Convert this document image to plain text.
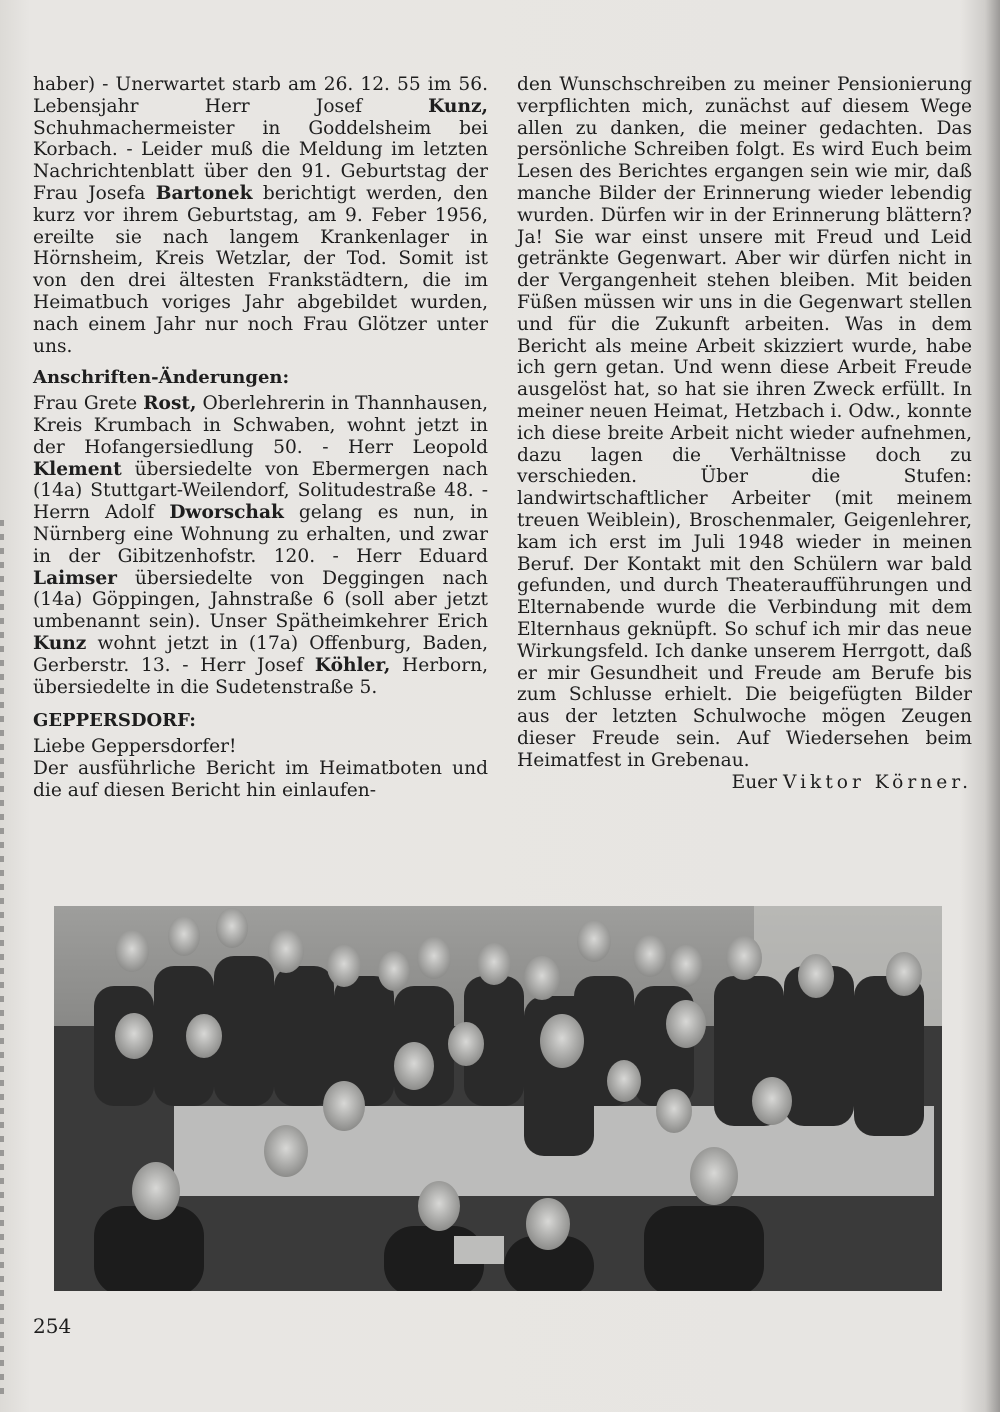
haber) - Unerwartet starb am 26. 12. 55 im 56. Lebensjahr Herr Josef Kunz, Schuhmachermeister in Goddelsheim bei Korbach. - Leider muß die Meldung im letzten Nachrichtenblatt über den 91. Geburtstag der Frau Josefa Bartonek berichtigt werden, den kurz vor ihrem Geburtstag, am 9. Feber 1956, ereilte sie nach langem Krankenlager in Hörnsheim, Kreis Wetzlar, der Tod. Somit ist von den drei ältesten Frankstädtern, die im Heimatbuch voriges Jahr abgebildet wurden, nach einem Jahr nur noch Frau Glötzer unter uns.

Anschriften-Änderungen:

Frau Grete Rost, Oberlehrerin in Thannhausen, Kreis Krumbach in Schwaben, wohnt jetzt in der Hofangersiedlung 50. - Herr Leopold Klement übersiedelte von Ebermergen nach (14a) Stuttgart-Weilendorf, Solitudestraße 48. - Herrn Adolf Dworschak gelang es nun, in Nürnberg eine Wohnung zu erhalten, und zwar in der Gibitzenhofstr. 120. - Herr Eduard Laimser übersiedelte von Deggingen nach (14a) Göppingen, Jahnstraße 6 (soll aber jetzt umbenannt sein). Unser Spätheimkehrer Erich Kunz wohnt jetzt in (17a) Offenburg, Baden, Gerberstr. 13. - Herr Josef Köhler, Herborn, übersiedelte in die Sudetenstraße 5.

GEPPERSDORF:

Liebe Geppersdorfer!

Der ausführliche Bericht im Heimatboten und die auf diesen Bericht hin einlaufen-

den Wunschschreiben zu meiner Pensionierung verpflichten mich, zunächst auf diesem Wege allen zu danken, die meiner gedachten. Das persönliche Schreiben folgt. Es wird Euch beim Lesen des Berichtes ergangen sein wie mir, daß manche Bilder der Erinnerung wieder lebendig wurden. Dürfen wir in der Erinnerung blättern? Ja! Sie war einst unsere mit Freud und Leid getränkte Gegenwart. Aber wir dürfen nicht in der Vergangenheit stehen bleiben. Mit beiden Füßen müssen wir uns in die Gegenwart stellen und für die Zukunft arbeiten. Was in dem Bericht als meine Arbeit skizziert wurde, habe ich gern getan. Und wenn diese Arbeit Freude ausgelöst hat, so hat sie ihren Zweck erfüllt. In meiner neuen Heimat, Hetzbach i. Odw., konnte ich diese breite Arbeit nicht wieder aufnehmen, dazu lagen die Verhältnisse doch zu verschieden. Über die Stufen: landwirtschaftlicher Arbeiter (mit meinem treuen Weiblein), Broschenmaler, Geigenlehrer, kam ich erst im Juli 1948 wieder in meinen Beruf. Der Kontakt mit den Schülern war bald gefunden, und durch Theateraufführungen und Elternabende wurde die Verbindung mit dem Elternhaus geknüpft. So schuf ich mir das neue Wirkungsfeld. Ich danke unserem Herrgott, daß er mir Gesundheit und Freude am Berufe bis zum Schlusse erhielt. Die beigefügten Bilder aus der letzten Schulwoche mögen Zeugen dieser Freude sein. Auf Wiedersehen beim Heimatfest in Grebenau.

Euer Viktor Körner.

254
